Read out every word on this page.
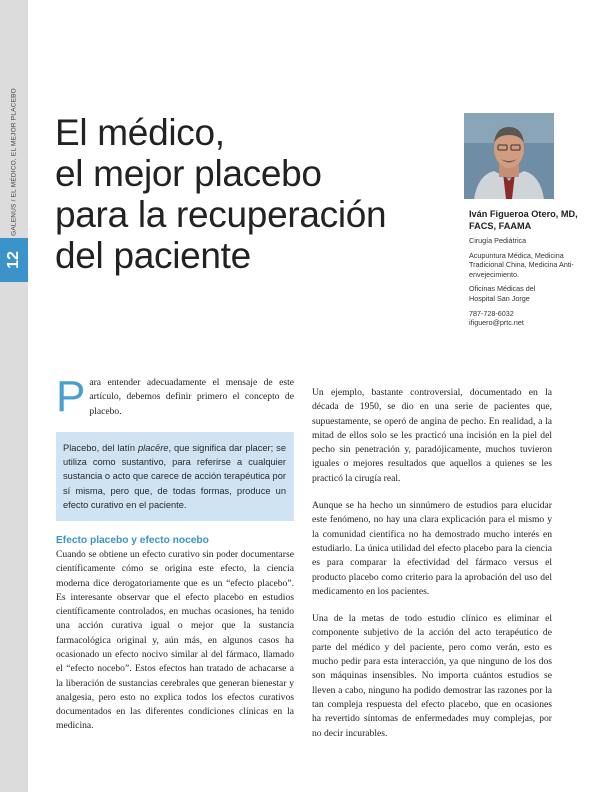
12
GALENUS / EL MÉDICO, EL MEJOR PLACEBO El médico,
el mejor placebo
para la recuperación
del paciente
Iván Figueroa Otero, MD,
FACS, FAAMA

Cirugía Pediátrica

Acupuntura Médica, Medicina Tradicional China, Medicina Anti-envejecimiento.

Oficinas Médicas del
Hospital San Jorge

787-728-6032
ifiguero@prtc.net

Para entender adecuadamente el mensaje de este artículo, debemos definir primero el concepto de placebo.

Placebo, del latín placēre, que significa dar placer; se utiliza como sustantivo, para referirse a cualquier sustancia o acto que carece de acción terapéutica por sí misma, pero que, de todas formas, produce un efecto curativo en el paciente.
Efecto placebo y efecto nocebo

Cuando se obtiene un efecto curativo sin poder documentarse científicamente cómo se origina este efecto, la ciencia moderna dice derogatoriamente que es un “efecto placebo”. Es interesante observar que el efecto placebo en estudios científicamente controlados, en muchas ocasiones, ha tenido una acción curativa igual o mejor que la sustancia farmacológica original y, aún más, en algunos casos ha ocasionado un efecto nocivo similar al del fármaco, llamado el “efecto nocebo”. Estos efectos han tratado de achacarse a la liberación de sustancias cerebrales que generan bienestar y analgesia, pero esto no explica todos los efectos curativos documentados en las diferentes condiciones clínicas en la medicina.

Un ejemplo, bastante controversial, documentado en la década de 1950, se dio en una serie de pacientes que, supuestamente, se operó de angina de pecho. En realidad, a la mitad de ellos solo se les practicó una incisión en la piel del pecho sin penetración y, paradójicamente, muchos tuvieron iguales o mejores resultados que aquellos a quienes se les practicó la cirugía real.

Aunque se ha hecho un sinnúmero de estudios para elucidar este fenómeno, no hay una clara explicación para el mismo y la comunidad científica no ha demostrado mucho interés en estudiarlo. La única utilidad del efecto placebo para la ciencia es para comparar la efectividad del fármaco versus el producto placebo como criterio para la aprobación del uso del medicamento en los pacientes.

Una de la metas de todo estudio clínico es eliminar el componente subjetivo de la acción del acto terapéutico de parte del médico y del paciente, pero como verán, esto es mucho pedir para esta interacción, ya que ninguno de los dos son máquinas insensibles. No importa cuántos estudios se lleven a cabo, ninguno ha podido demostrar las razones por la tan compleja respuesta del efecto placebo, que en ocasiones ha revertido síntomas de enfermedades muy complejas, por no decir incurables.
